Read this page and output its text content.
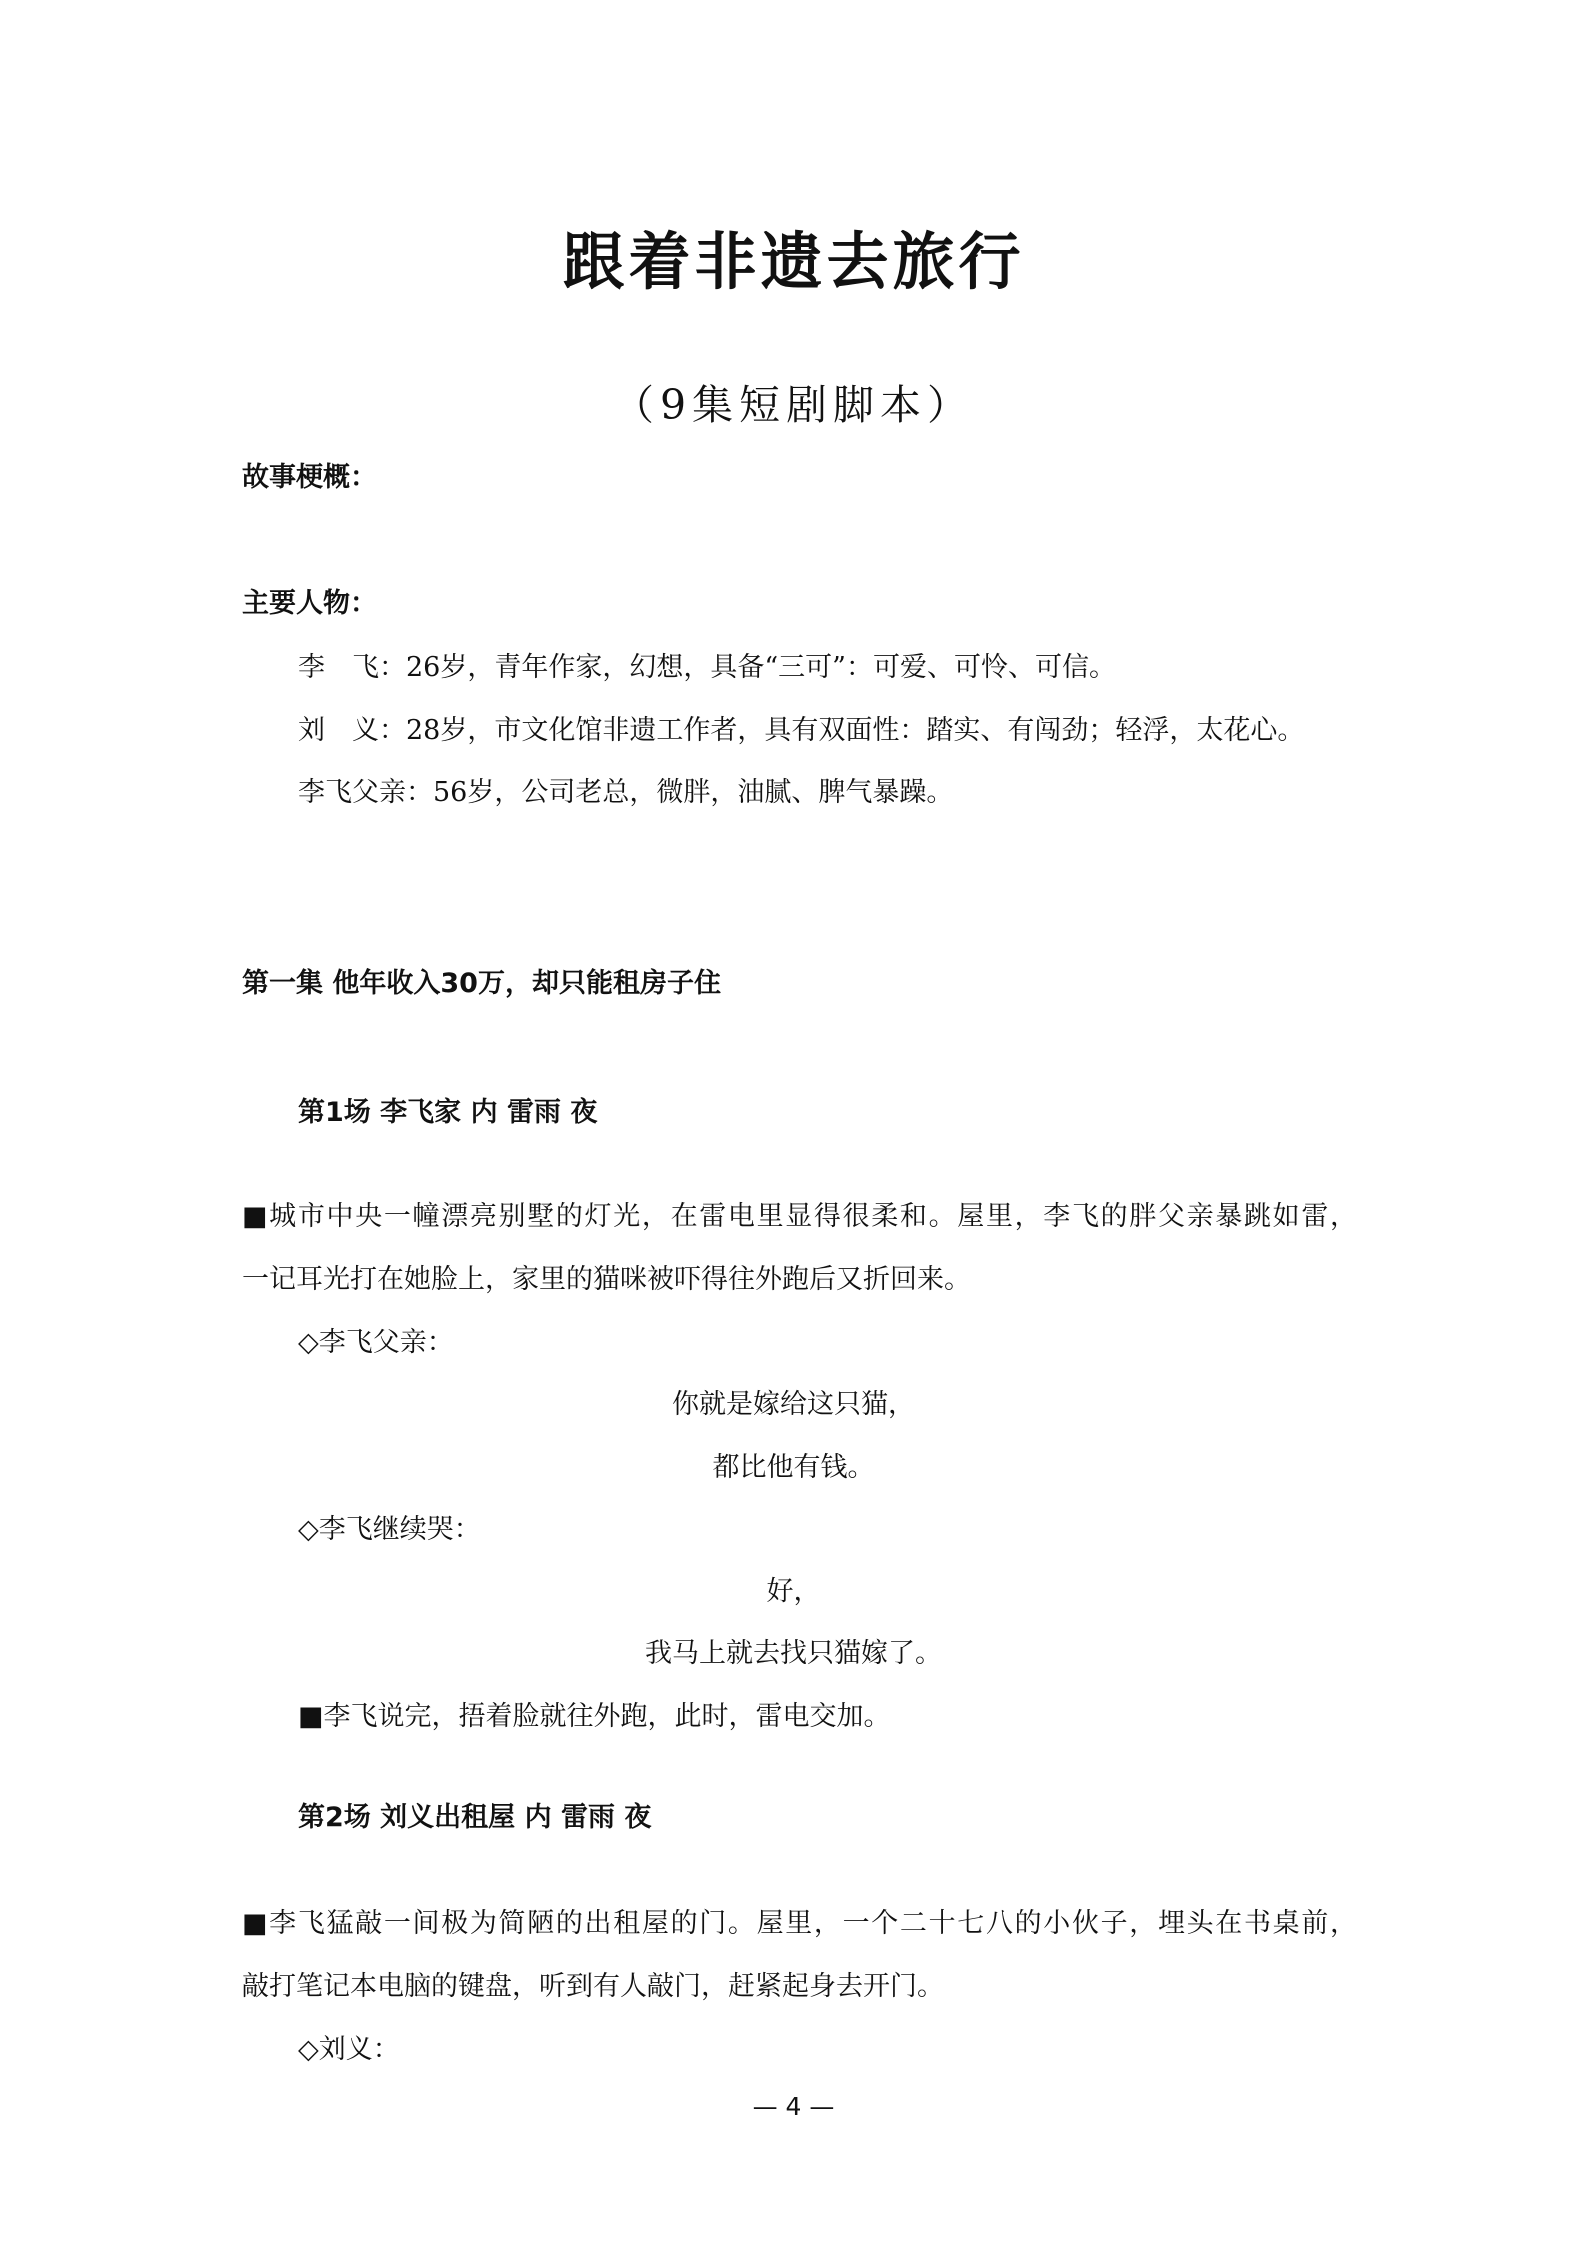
跟着非遗去旅行
（9集短剧脚本）
故事梗概：
主要人物：
李　飞：26岁，青年作家，幻想，具备“三可”：可爱、可怜、可信。
刘　义：28岁，市文化馆非遗工作者，具有双面性：踏实、有闯劲；轻浮，太花心。
李飞父亲：56岁，公司老总，微胖，油腻、脾气暴躁。
第一集 他年收入30万，却只能租房子住
第1场 李飞家 内 雷雨 夜
■城市中央一幢漂亮别墅的灯光，在雷电里显得很柔和。屋里，李飞的胖父亲暴跳如雷，
一记耳光打在她脸上，家里的猫咪被吓得往外跑后又折回来。
◇李飞父亲：
你就是嫁给这只猫，
都比他有钱。
◇李飞继续哭：
好，
我马上就去找只猫嫁了。
■李飞说完，捂着脸就往外跑，此时，雷电交加。
第2场 刘义出租屋 内 雷雨 夜
■李飞猛敲一间极为简陋的出租屋的门。屋里，一个二十七八的小伙子，埋头在书桌前，
敲打笔记本电脑的键盘，听到有人敲门，赶紧起身去开门。
◇刘义：
— 4 —
